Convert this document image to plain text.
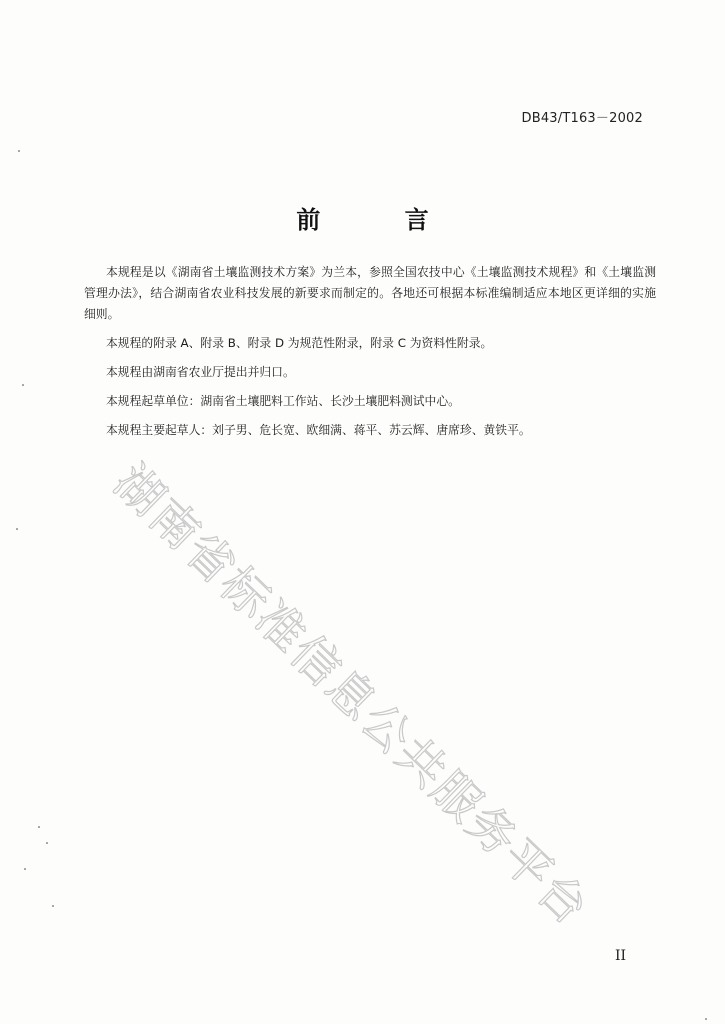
湖南省标准信息公共服务平台
DB43/T163－2002
前 言

本规程是以《湖南省土壤监测技术方案》为兰本，参照全国农技中心《土壤监测技术规程》和《土壤监测管理办法》，结合湖南省农业科技发展的新要求而制定的。各地还可根据本标准编制适应本地区更详细的实施细则。

本规程的附录 A、附录 B、附录 D 为规范性附录，附录 C 为资料性附录。

本规程由湖南省农业厅提出并归口。

本规程起草单位：湖南省土壤肥料工作站、长沙土壤肥料测试中心。

本规程主要起草人：刘子男、危长宽、欧细满、蒋平、苏云辉、唐席珍、黄铁平。

II
